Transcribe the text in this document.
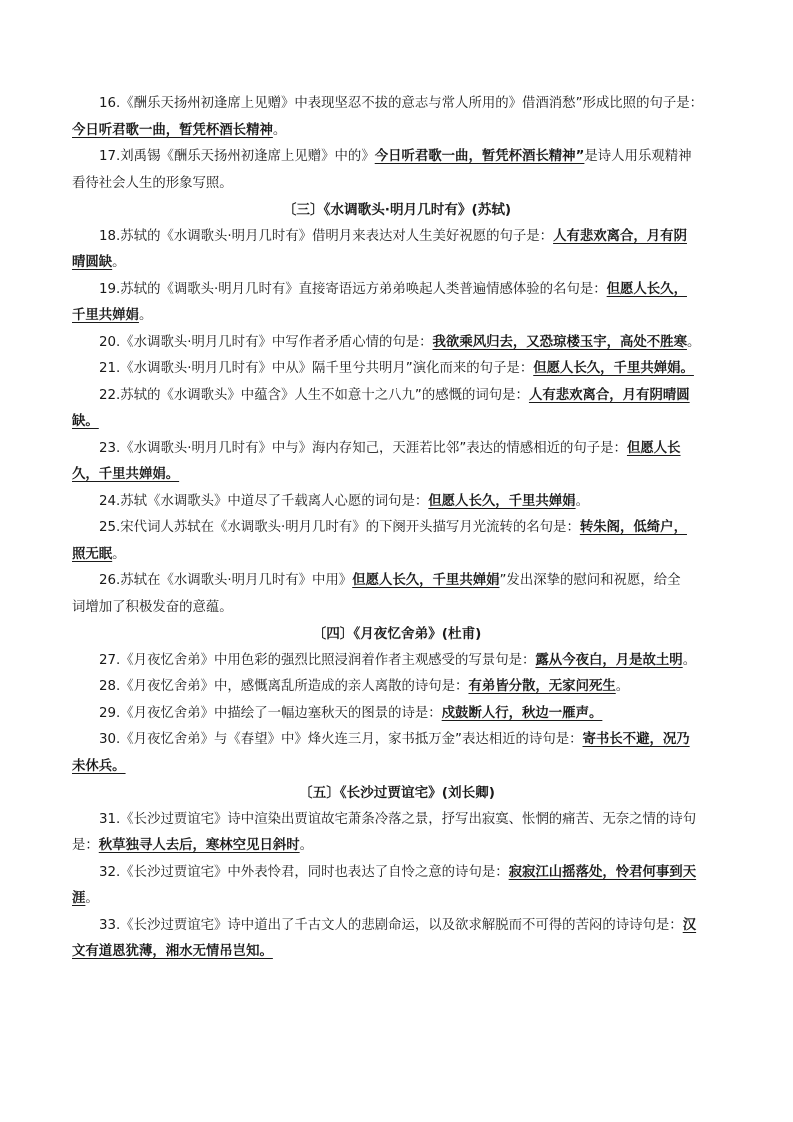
16.《酬乐天扬州初逢席上见赠》中表现坚忍不拔的意志与常人所用的》借酒消愁”形成比照的句子是：
今日听君歌一曲，暂凭杯酒长精神。
17.刘禹锡《酬乐天扬州初逢席上见赠》中的》今日听君歌一曲，暂凭杯酒长精神”是诗人用乐观精神
看待社会人生的形象写照。
〔三〕《水调歌头·明月几时有》(苏轼)
18.苏轼的《水调歌头·明月几时有》借明月来表达对人生美好祝愿的句子是：人有悲欢离合，月有阴
晴圆缺。
19.苏轼的《调歌头·明月几时有》直接寄语远方弟弟唤起人类普遍情感体验的名句是：但愿人长久，
千里共婵娟。
20.《水调歌头·明月几时有》中写作者矛盾心情的句是：我欲乘风归去，又恐琼楼玉宇，高处不胜寒。
21.《水调歌头·明月几时有》中从》隔千里兮共明月”演化而来的句子是：但愿人长久，千里共婵娟。
22.苏轼的《水调歌头》中蕴含》人生不如意十之八九”的感慨的词句是：人有悲欢离合，月有阴晴圆
缺。
23.《水调歌头·明月几时有》中与》海内存知己，天涯若比邻”表达的情感相近的句子是：但愿人长
久，千里共婵娟。
24.苏轼《水调歌头》中道尽了千载离人心愿的词句是：但愿人长久，千里共婵娟。
25.宋代词人苏轼在《水调歌头·明月几时有》的下阕开头描写月光流转的名句是：转朱阁，低绮户，
照无眠。
26.苏轼在《水调歌头·明月几时有》中用》但愿人长久，千里共婵娟”发出深挚的慰问和祝愿，给全
词增加了积极发奋的意蕴。
〔四〕《月夜忆舍弟》(杜甫)
27.《月夜忆舍弟》中用色彩的强烈比照浸润着作者主观感受的写景句是：露从今夜白，月是故土明。
28.《月夜忆舍弟》中，感慨离乱所造成的亲人离散的诗句是：有弟皆分散，无家问死生。
29.《月夜忆舍弟》中描绘了一幅边塞秋天的图景的诗是：戍鼓断人行，秋边一雁声。
30.《月夜忆舍弟》与《春望》中》烽火连三月，家书抵万金”表达相近的诗句是：寄书长不避，况乃
未休兵。
〔五〕《长沙过贾谊宅》(刘长卿)
31.《长沙过贾谊宅》诗中渲染出贾谊故宅萧条冷落之景，抒写出寂寞、怅惘的痛苦、无奈之情的诗句
是：秋草独寻人去后，寒林空见日斜时。
32.《长沙过贾谊宅》中外表怜君，同时也表达了自怜之意的诗句是：寂寂江山摇落处，怜君何事到天
涯。
33.《长沙过贾谊宅》诗中道出了千古文人的悲剧命运，以及欲求解脱而不可得的苦闷的诗诗句是：汉
文有道恩犹薄，湘水无情吊岂知。
